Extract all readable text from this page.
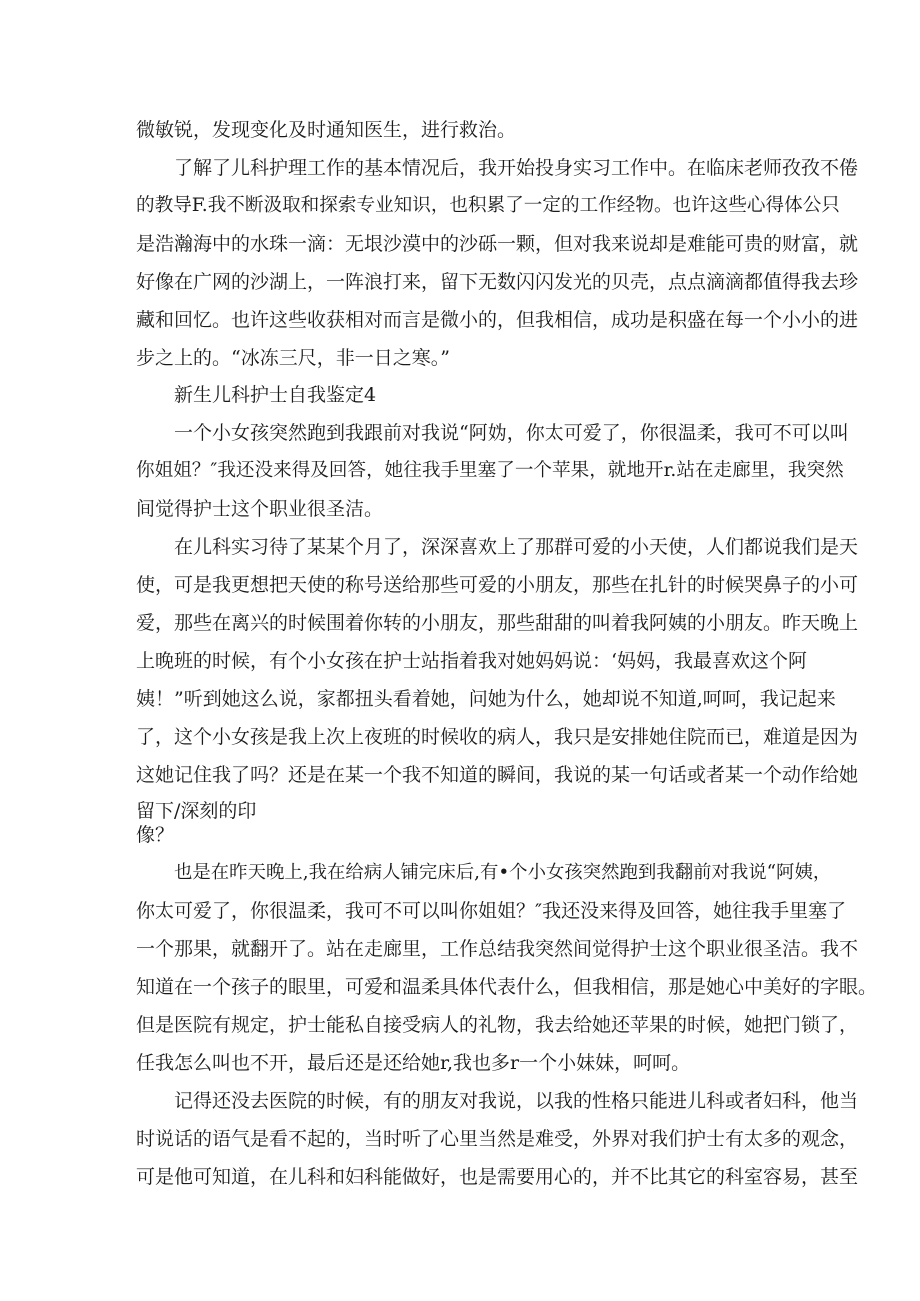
微敏锐，发现变化及时通知医生，进行救治。
了解了儿科护理工作的基本情况后，我开始投身实习工作中。在临床老师孜孜不倦
的教导F.我不断汲取和探索专业知识，也积累了一定的工作经物。也许这些心得体公只
是浩瀚海中的水珠一滴：无垠沙漠中的沙砾一颗，但对我来说却是难能可贵的财富，就
好像在广网的沙湖上，一阵浪打来，留下无数闪闪发光的贝壳，点点滴滴都值得我去珍
藏和回忆。也许这些收获相对而言是微小的，但我相信，成功是积盛在每一个小小的进
步之上的。“冰冻三尺，非一日之寒。”
新生儿科护士自我鉴定4
一个小女孩突然跑到我跟前对我说“阿妫，你太可爱了，你很温柔，我可不可以叫
你姐姐？″我还没来得及回答，她往我手里塞了一个苹果，就地开r.站在走廊里，我突然
间觉得护士这个职业很圣洁。
在儿科实习待了某某个月了，深深喜欢上了那群可爱的小天使，人们都说我们是天
使，可是我更想把天使的称号送给那些可爱的小朋友，那些在扎针的时候哭鼻子的小可
爱，那些在离兴的时候围着你转的小朋友，那些甜甜的叫着我阿姨的小朋友。昨天晚上
上晚班的时候，有个小女孩在护士站指着我对她妈妈说：‘妈妈，我最喜欢这个阿
姨！”听到她这么说，家都扭头看着她，问她为什么，她却说不知道,呵呵，我记起来
了，这个小女孩是我上次上夜班的时候收的病人，我只是安排她住院而已，难道是因为
这她记住我了吗？还是在某一个我不知道的瞬间，我说的某一句话或者某一个动作给她
留下/深刻的印
像？
也是在昨天晚上,我在给病人铺完床后,有•个小女孩突然跑到我翻前对我说“阿姨，
你太可爱了，你很温柔，我可不可以叫你姐姐？″我还没来得及回答，她往我手里塞了
一个那果，就翻开了。站在走廊里，工作总结我突然间觉得护士这个职业很圣洁。我不
知道在一个孩子的眼里，可爱和温柔具体代表什么，但我相信，那是她心中美好的字眼。
但是医院有规定，护士能私自接受病人的礼物，我去给她还苹果的时候，她把门锁了，
任我怎么叫也不开，最后还是还给她r,我也多r一个小妹妹，呵呵。
记得还没去医院的时候，有的朋友对我说，以我的性格只能进儿科或者妇科，他当
时说话的语气是看不起的，当时听了心里当然是难受，外界对我们护士有太多的观念，
可是他可知道，在儿科和妇科能做好，也是需要用心的，并不比其它的科室容易，甚至
